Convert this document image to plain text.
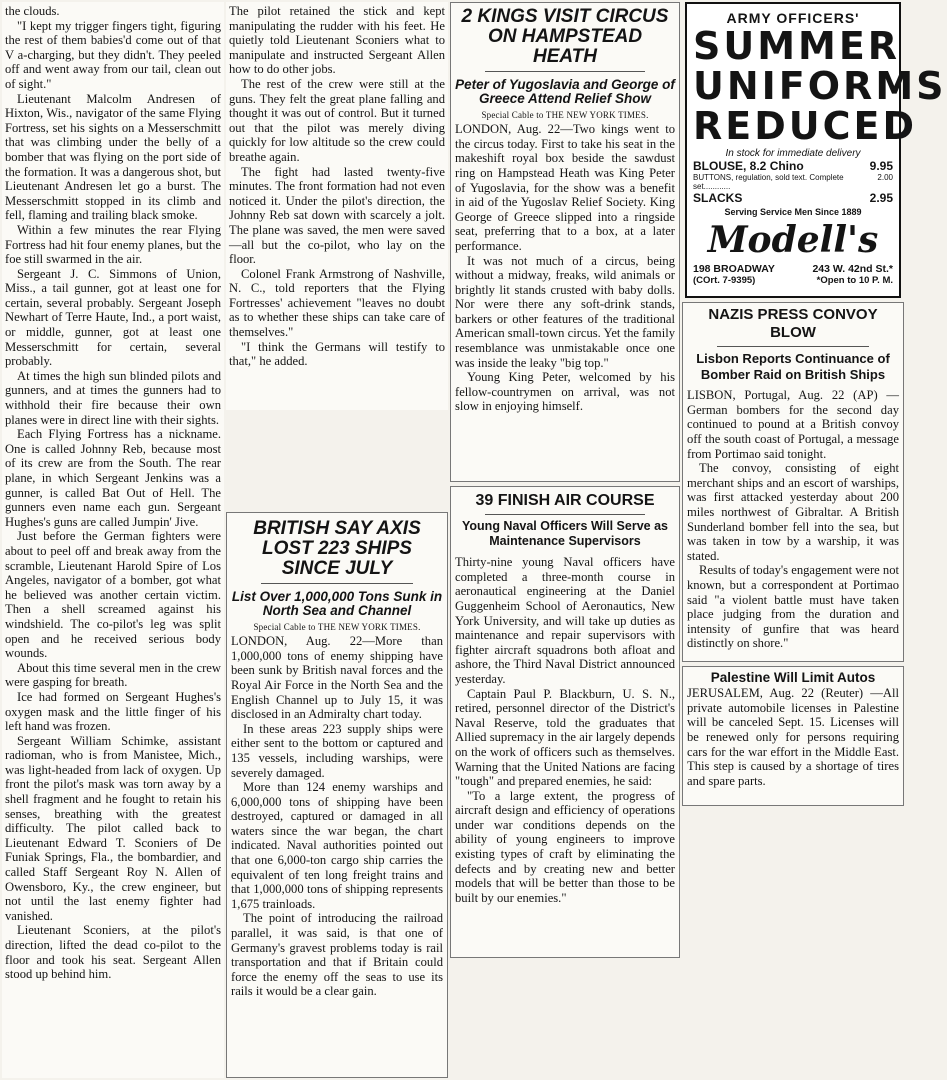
the clouds.

"I kept my trigger fingers tight, figuring the rest of them babies'd come out of that V a-charging, but they didn't. They peeled off and went away from our tail, clean out of sight."

Lieutenant Malcolm Andresen of Hixton, Wis., navigator of the same Flying Fortress, set his sights on a Messerschmitt that was climbing under the belly of a bomber that was flying on the port side of the formation. It was a dangerous shot, but Lieutenant Andresen let go a burst. The Messerschmitt stopped in its climb and fell, flaming and trailing black smoke.

Within a few minutes the rear Flying Fortress had hit four enemy planes, but the foe still swarmed in the air.

Sergeant J. C. Simmons of Union, Miss., a tail gunner, got at least one for certain, several probably. Sergeant Joseph Newhart of Terre Haute, Ind., a port waist, or middle, gunner, got at least one Messerschmitt for certain, several probably.

At times the high sun blinded pilots and gunners, and at times the gunners had to withhold their fire because their own planes were in direct line with their sights.

Each Flying Fortress has a nickname. One is called Johnny Reb, because most of its crew are from the South. The rear plane, in which Sergeant Jenkins was a gunner, is called Bat Out of Hell. The gunners even name each gun. Sergeant Hughes's guns are called Jumpin' Jive.

Just before the German fighters were about to peel off and break away from the scramble, Lieutenant Harold Spire of Los Angeles, navigator of a bomber, got what he believed was another certain victim. Then a shell screamed against his windshield. The co-pilot's leg was split open and he received serious body wounds.

About this time several men in the crew were gasping for breath.

Ice had formed on Sergeant Hughes's oxygen mask and the little finger of his left hand was frozen.

Sergeant William Schimke, assistant radioman, who is from Manistee, Mich., was light-headed from lack of oxygen. Up front the pilot's mask was torn away by a shell fragment and he fought to retain his senses, breathing with the greatest difficulty. The pilot called back to Lieutenant Edward T. Sconiers of De Funiak Springs, Fla., the bombardier, and called Staff Sergeant Roy N. Allen of Owensboro, Ky., the crew engineer, but not until the last enemy fighter had vanished.

Lieutenant Sconiers, at the pilot's direction, lifted the dead co-pilot to the floor and took his seat. Sergeant Allen stood up behind him.

The pilot retained the stick and kept manipulating the rudder with his feet. He quietly told Lieutenant Sconiers what to manipulate and instructed Sergeant Allen how to do other jobs.

The rest of the crew were still at the guns. They felt the great plane falling and thought it was out of control. But it turned out that the pilot was merely diving quickly for low altitude so the crew could breathe again.

The fight had lasted twenty-five minutes. The front formation had not even noticed it. Under the pilot's direction, the Johnny Reb sat down with scarcely a jolt. The plane was saved, the men were saved—all but the co-pilot, who lay on the floor.

Colonel Frank Armstrong of Nashville, N. C., told reporters that the Flying Fortresses' achievement "leaves no doubt as to whether these ships can take care of themselves."

"I think the Germans will testify to that," he added.

BRITISH SAY AXIS LOST 223 SHIPS SINCE JULY
List Over 1,000,000 Tons Sunk in North Sea and Channel
Special Cable to THE NEW YORK TIMES.

LONDON, Aug. 22—More than 1,000,000 tons of enemy shipping have been sunk by British naval forces and the Royal Air Force in the North Sea and the English Channel up to July 15, it was disclosed in an Admiralty chart today.

In these areas 223 supply ships were either sent to the bottom or captured and 135 vessels, including warships, were severely damaged.

More than 124 enemy warships and 6,000,000 tons of shipping have been destroyed, captured or damaged in all waters since the war began, the chart indicated. Naval authorities pointed out that one 6,000-ton cargo ship carries the equivalent of ten long freight trains and that 1,000,000 tons of shipping represents 1,675 trainloads.

The point of introducing the railroad parallel, it was said, is that one of Germany's gravest problems today is rail transportation and that if Britain could force the enemy off the seas to use its rails it would be a clear gain.

2 KINGS VISIT CIRCUS ON HAMPSTEAD HEATH
Peter of Yugoslavia and George of Greece Attend Relief Show
Special Cable to THE NEW YORK TIMES.

LONDON, Aug. 22—Two kings went to the circus today. First to take his seat in the makeshift royal box beside the sawdust ring on Hampstead Heath was King Peter of Yugoslavia, for the show was a benefit in aid of the Yugoslav Relief Society. King George of Greece slipped into a ringside seat, preferring that to a box, at a later performance.

It was not much of a circus, being without a midway, freaks, wild animals or brightly lit stands crusted with baby dolls. Nor were there any soft-drink stands, barkers or other features of the traditional American small-town circus. Yet the family resemblance was unmistakable once one was inside the leaky "big top."

Young King Peter, welcomed by his fellow-countrymen on arrival, was not slow in enjoying himself.

39 FINISH AIR COURSE
Young Naval Officers Will Serve as Maintenance Supervisors

Thirty-nine young Naval officers have completed a three-month course in aeronautical engineering at the Daniel Guggenheim School of Aeronautics, New York University, and will take up duties as maintenance and repair supervisors with fighter aircraft squadrons both afloat and ashore, the Third Naval District announced yesterday.

Captain Paul P. Blackburn, U. S. N., retired, personnel director of the District's Naval Reserve, told the graduates that Allied supremacy in the air largely depends on the work of officers such as themselves. Warning that the United Nations are facing "tough" and prepared enemies, he said:

"To a large extent, the progress of aircraft design and efficiency of operations under war conditions depends on the ability of young engineers to improve existing types of craft by eliminating the defects and by creating new and better models that will be better than those to be built by our enemies."

ARMY OFFICERS'
SUMMER
UNIFORMS
REDUCED
In stock for immediate delivery
BLOUSE, 8.2 Chino	9.95
BUTTONS, regulation, sold text. Complete set............
2.00
SLACKS	2.95
Serving Service Men Since 1889
Modell's
198 BROADWAY	243 W. 42nd St.*
(COrt. 7-9395)	*Open to 10 P. M.
NAZIS PRESS CONVOY BLOW
Lisbon Reports Continuance of Bomber Raid on British Ships

LISBON, Portugal, Aug. 22 (AP) —German bombers for the second day continued to pound at a British convoy off the south coast of Portugal, a message from Portimao said tonight.

The convoy, consisting of eight merchant ships and an escort of warships, was first attacked yesterday about 200 miles northwest of Gibraltar. A British Sunderland bomber fell into the sea, but was taken in tow by a warship, it was stated.

Results of today's engagement were not known, but a correspondent at Portimao said "a violent battle must have taken place judging from the duration and intensity of gunfire that was heard distinctly on shore."

Palestine Will Limit Autos

JERUSALEM, Aug. 22 (Reuter) —All private automobile licenses in Palestine will be canceled Sept. 15. Licenses will be renewed only for persons requiring cars for the war effort in the Middle East. This step is caused by a shortage of tires and spare parts.
